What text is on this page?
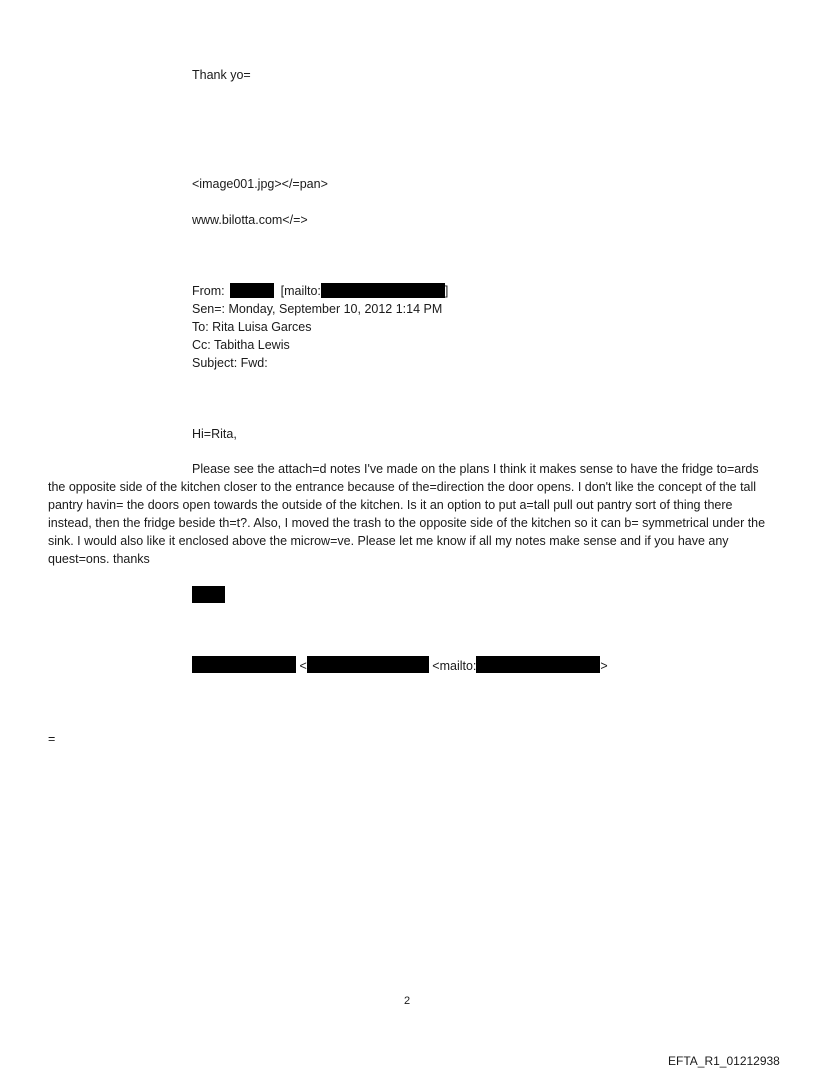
Thank yo=
<image001.jpg></=pan>
www.bilotta.com</=>
From:	[mailto:	]
Sen=: Monday, September 10, 2012 1:14 PM
To: Rita Luisa Garces
Cc: Tabitha Lewis
Subject: Fwd:
Hi=Rita,
Please see the attach=d notes I've made on the plans I think it makes sense to have the fridge to=ards the opposite side of the kitchen closer to the entrance because of the=direction the door opens. I don't like the concept of the tall pantry havin= the doors open towards the outside of the kitchen. Is it an option to put a=tall pull out pantry sort of thing there instead, then the fridge beside th=t?. Also, I moved the trash to the opposite side of the kitchen so it can b= symmetrical under the sink. I would also like it enclosed above the microw=ve. Please let me know if all my notes make sense and if you have any quest=ons. thanks
<	<mailto:	>
=
2
EFTA_R1_01212938
